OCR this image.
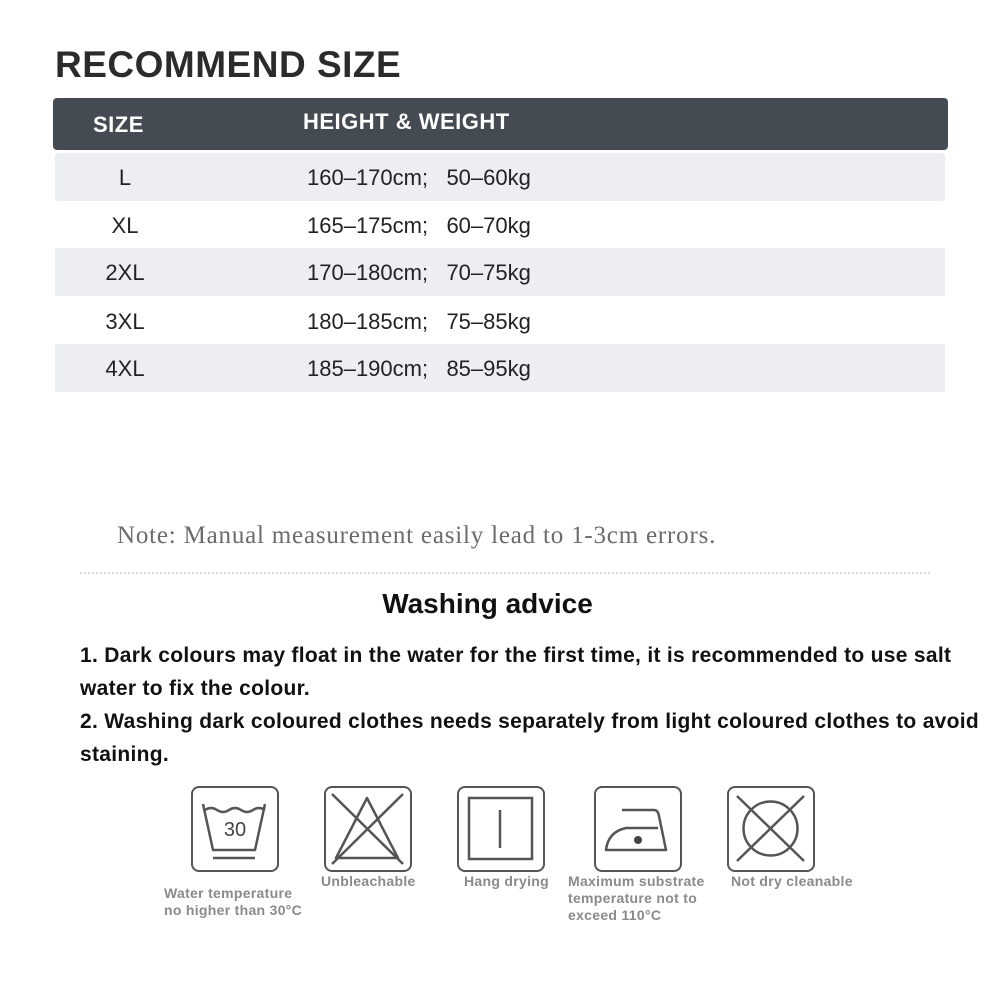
RECOMMEND SIZE
SIZE	HEIGHT & WEIGHT
L	160–170cm; 50–60kg
XL	165–175cm; 60–70kg
2XL	170–180cm; 70–75kg
3XL	180–185cm; 75–85kg
4XL	185–190cm; 85–95kg
Note: Manual measurement easily lead to 1-3cm errors.
Washing advice
1. Dark colours may float in the water for the first time, it is recommended to use salt water to fix the colour.
2. Washing dark coloured clothes needs separately from light coloured clothes to avoid staining.
30
Water temperature
no higher than 30°C
Unbleachable	Hang drying Maximum substrate
temperature not to
exceed 110°C
Not dry cleanable
